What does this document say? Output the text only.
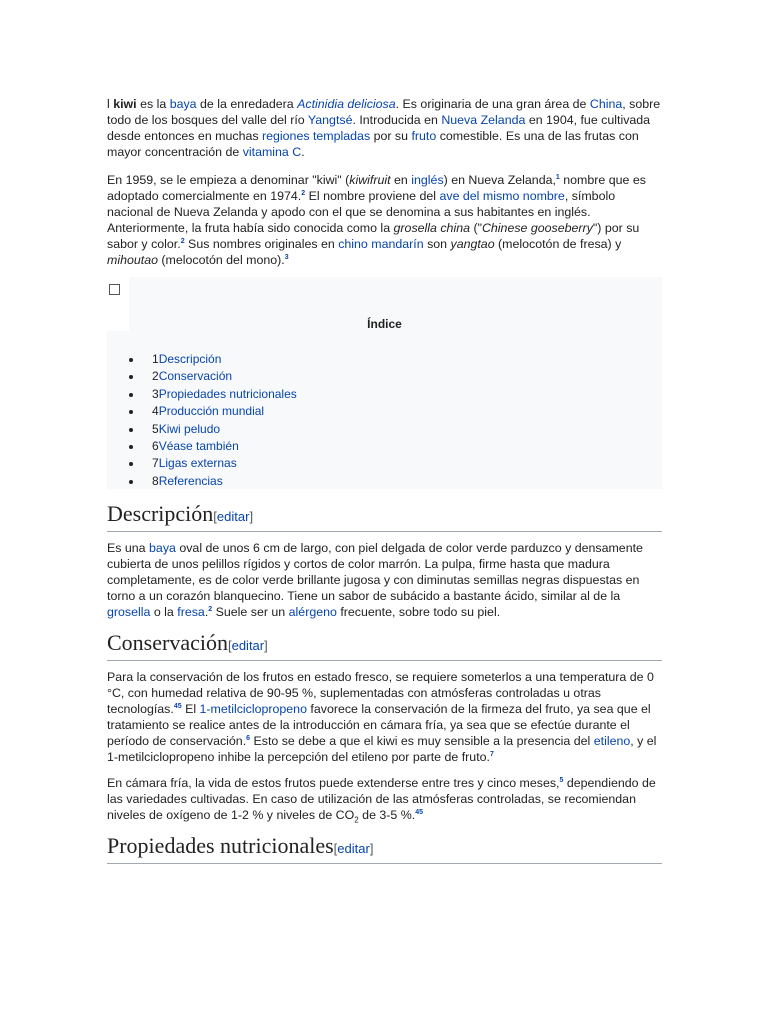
l kiwi es la baya de la enredadera Actinidia deliciosa. Es originaria de una gran área de China, sobre todo de los bosques del valle del río Yangtsé. Introducida en Nueva Zelanda en 1904, fue cultivada desde entonces en muchas regiones templadas por su fruto comestible. Es una de las frutas con mayor concentración de vitamina C.

En 1959, se le empieza a denominar "kiwi" (kiwifruit en inglés) en Nueva Zelanda,$^1$ nombre que es adoptado comercialmente en 1974.$^2$ El nombre proviene del ave del mismo nombre, símbolo nacional de Nueva Zelanda y apodo con el que se denomina a sus habitantes en inglés. Anteriormente, la fruta había sido conocida como la grosella china ("Chinese gooseberry") por su sabor y color.$^2$ Sus nombres originales en chino mandarín son yangtao (melocotón de fresa) y mihoutao (melocotón del mono).$^3$

Índice
1Descripción
2Conservación
3Propiedades nutricionales
4Producción mundial
5Kiwi peludo
6Véase también
7Ligas externas
8Referencias
Descripción[editar]

Es una baya oval de unos 6 cm de largo, con piel delgada de color verde parduzco y densamente cubierta de unos pelillos rígidos y cortos de color marrón. La pulpa, firme hasta que madura completamente, es de color verde brillante jugosa y con diminutas semillas negras dispuestas en torno a un corazón blanquecino. Tiene un sabor de subácido a bastante ácido, similar al de la grosella o la fresa.$^2$ Suele ser un alérgeno frecuente, sobre todo su piel.

Conservación[editar]

Para la conservación de los frutos en estado fresco, se requiere someterlos a una temperatura de 0 °C, con humedad relativa de 90-95 %, suplementadas con atmósferas controladas u otras tecnologías.$^{45}$ El 1-metilciclopropeno favorece la conservación de la firmeza del fruto, ya sea que el tratamiento se realice antes de la introducción en cámara fría, ya sea que se efectúe durante el período de conservación.$^6$ Esto se debe a que el kiwi es muy sensible a la presencia del etileno, y el 1-metilciclopropeno inhibe la percepción del etileno por parte de fruto.$^7$

En cámara fría, la vida de estos frutos puede extenderse entre tres y cinco meses,$^5$ dependiendo de las variedades cultivadas. En caso de utilización de las atmósferas controladas, se recomiendan niveles de oxígeno de 1-2 % y niveles de $CO_2$ de 3-5 %.$^{45}$

Propiedades nutricionales[editar]
